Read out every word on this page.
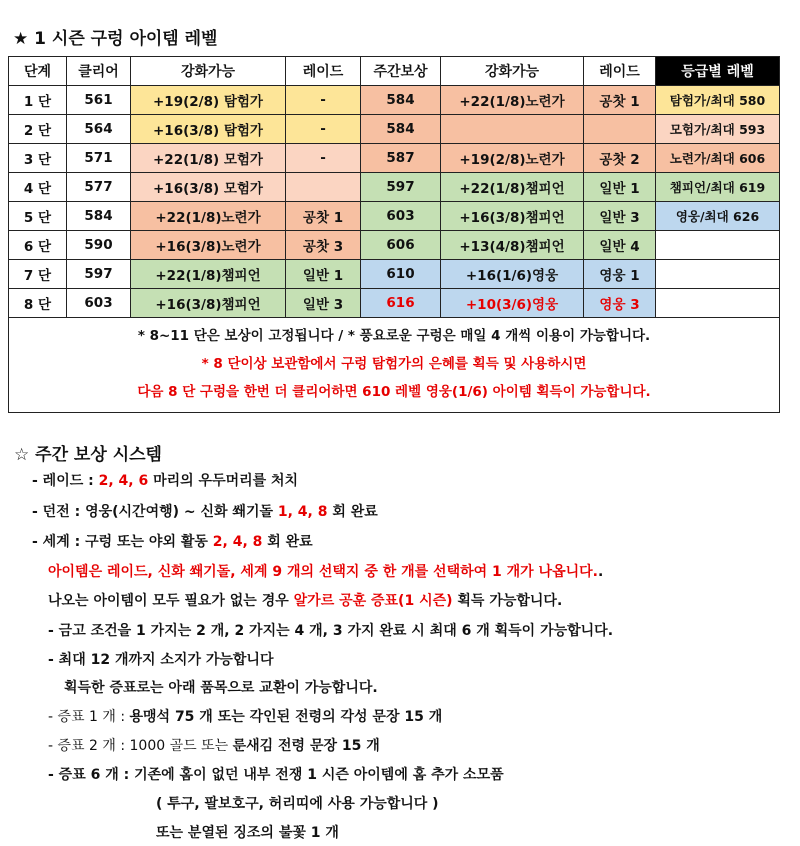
★ 1 시즌 구렁 아이템 레벨
단계	클리어	강화가능	레이드	주간보상	강화가능	레이드	등급별 레벨
1 단	561	+19(2/8) 탐험가	-	584	+22(1/8)노련가	공찻 1	탐험가/최대 580
2 단	564	+16(3/8) 탐험가	-	584			모험가/최대 593
3 단	571	+22(1/8) 모험가	-	587	+19(2/8)노련가	공찻 2	노련가/최대 606
4 단	577	+16(3/8) 모험가		597	+22(1/8)챔피언	일반 1	챔피언/최대 619
5 단	584	+22(1/8)노련가	공찻 1	603	+16(3/8)챔피언	일반 3	영웅/최대 626
6 단	590	+16(3/8)노련가	공찻 3	606	+13(4/8)챔피언	일반 4	
7 단	597	+22(1/8)챔피언	일반 1	610	+16(1/6)영웅	영웅 1	
8 단	603	+16(3/8)챔피언	일반 3	616	+10(3/6)영웅	영웅 3	

* 8~11 단은 보상이 고정됩니다 / * 풍요로운 구렁은 매일 4 개씩 이용이 가능합니다.
* 8 단이상 보관함에서 구렁 탐험가의 은혜를 획득 및 사용하시면
다음 8 단 구렁을 한번 더 클리어하면 610 레벨 영웅(1/6) 아이템 획득이 가능합니다.							
☆ 주간 보상 시스템
- 레이드 : 2, 4, 6 마리의 우두머리를 처치
- 던전 : 영웅(시간여행) ~ 신화 쐐기돌 1, 4, 8 회 완료
- 세계 : 구렁 또는 야외 활동 2, 4, 8 회 완료
아이템은 레이드, 신화 쐐기돌, 세계 9 개의 선택지 중 한 개를 선택하여 1 개가 나옵니다..
나오는 아이템이 모두 필요가 없는 경우 알가르 공훈 증표(1 시즌) 획득 가능합니다.
- 금고 조건을 1 가지는 2 개, 2 가지는 4 개, 3 가지 완료 시 최대 6 개 획득이 가능합니다.
- 최대 12 개까지 소지가 가능합니다
획득한 증표로는 아래 품목으로 교환이 가능합니다.
- 증표 1 개 : 용맹석 75 개 또는 각인된 전령의 각성 문장 15 개
- 증표 2 개 : 1000 골드 또는 룬새김 전령 문장 15 개
- 증표 6 개 : 기존에 홈이 없던 내부 전쟁 1 시즌 아이템에 홈 추가 소모품
( 투구, 팔보호구, 허리띠에 사용 가능합니다 )
또는 분열된 징조의 불꽃 1 개
